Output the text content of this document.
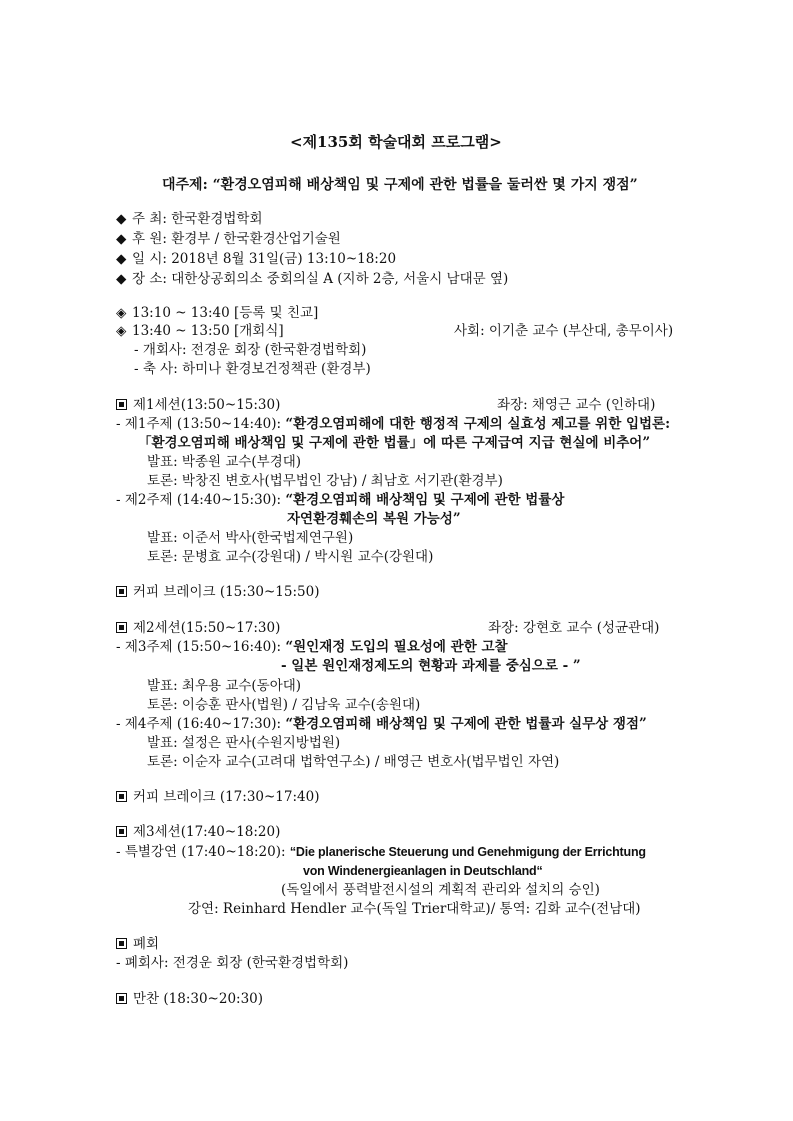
<제135회 학술대회 프로그램>
대주제: “환경오염피해 배상책임 및 구제에 관한 법률을 둘러싼 몇 가지 쟁점”
◆ 주 최: 한국환경법학회
◆ 후 원: 환경부 / 한국환경산업기술원
◆ 일 시: 2018년 8월 31일(금) 13:10~18:20
◆ 장 소: 대한상공회의소 중회의실 A (지하 2층, 서울시 남대문 옆)
◈ 13:10 ~ 13:40 [등록 및 친교]
◈ 13:40 ~ 13:50 [개회식]	사회: 이기춘 교수 (부산대, 총무이사)
- 개회사: 전경운 회장 (한국환경법학회)
- 축 사: 하미나 환경보건정책관 (환경부)
제1세션(13:50~15:30)	좌장: 채영근 교수 (인하대)
- 제1주제 (13:50~14:40): “환경오염피해에 대한 행정적 구제의 실효성 제고를 위한 입법론:
「환경오염피해 배상책임 및 구제에 관한 법률」에 따른 구제급여 지급 현실에 비추어”
발표: 박종원 교수(부경대)
토론: 박창진 변호사(법무법인 강남) / 최남호 서기관(환경부)
- 제2주제 (14:40~15:30): “환경오염피해 배상책임 및 구제에 관한 법률상
자연환경훼손의 복원 가능성”
발표: 이준서 박사(한국법제연구원)
토론: 문병효 교수(강원대) / 박시원 교수(강원대)
커피 브레이크 (15:30~15:50)
제2세션(15:50~17:30)	좌장: 강현호 교수 (성균관대)
- 제3주제 (15:50~16:40): “원인재정 도입의 필요성에 관한 고찰
- 일본 원인재정제도의 현황과 과제를 중심으로 - ”
발표: 최우용 교수(동아대)
토론: 이승훈 판사(법원) / 김남욱 교수(송원대)
- 제4주제 (16:40~17:30): “환경오염피해 배상책임 및 구제에 관한 법률과 실무상 쟁점”
발표: 설정은 판사(수원지방법원)
토론: 이순자 교수(고려대 법학연구소) / 배영근 변호사(법무법인 자연)
커피 브레이크 (17:30~17:40)
제3세션(17:40~18:20)
- 특별강연 (17:40~18:20): “Die planerische Steuerung und Genehmigung der Errichtung
von Windenergieanlagen in Deutschland“
(독일에서 풍력발전시설의 계획적 관리와 설치의 승인)
강연: Reinhard Hendler 교수(독일 Trier대학교)/ 통역: 김화 교수(전남대)
폐회
- 폐회사: 전경운 회장 (한국환경법학회)
만찬 (18:30~20:30)
